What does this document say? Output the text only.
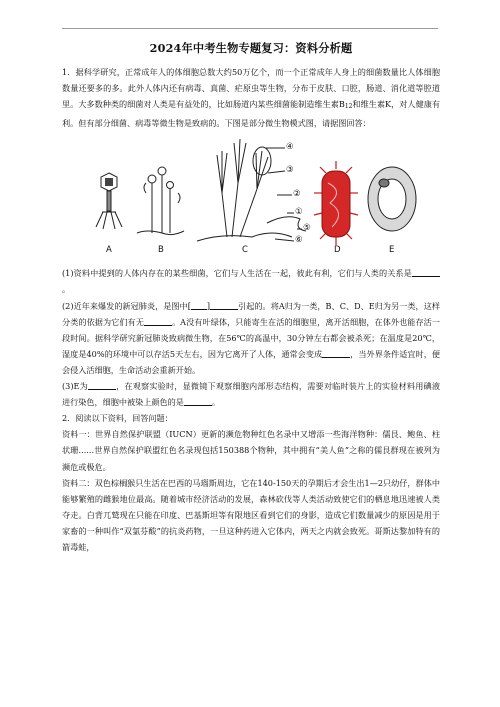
2024年中考生物专题复习：资料分析题

1．据科学研究，正常成年人的体细胞总数大约50万亿个，而一个正常成年人身上的细菌数量比人体细胞数量还要多的多。此外人体内还有病毒、真菌、疟原虫等生物，分布于皮肤、口腔，肠道、消化道等腔道里。大多数种类的细菌对人类是有益处的，比如肠道内某些细菌能制造维生素B12和维生素K，对人健康有利。但有部分细菌、病毒等微生物是致病的。下图是部分微生物模式图，请据图回答：

A	B	C	D	E
④
③
②
①
⑤
⑥

(1)资料中提到的人体内存在的某些细菌，它们与人生活在一起，彼此有利，它们与人类的关系是。

(2)近年来爆发的新冠肺炎，是图中[ ]	引起的。将A归为一类，B、C、D、E归为另一类，这样分类的依据为它们有无	。A没有叶绿体，只能寄生在活的细胞里，离开活细胞，在体外也能存活一段时间。据科学研究新冠肺炎致病微生物，在56℃的高温中，30分钟左右都会被杀死；在温度是20℃，湿度是40%的环境中可以存活5天左右，因为它离开了人体，通常会变成	，当外界条件适宜时，便会侵入活细胞，生命活动会重新开始。

(3)E为	，在观察实验时，显微镜下观察细胞内部形态结构，需要对临时装片上的实验材料用碘液进行染色，细胞中被染上颜色的是	。

2．阅读以下资料，回答问题：

资料一：世界自然保护联盟（IUCN）更新的濒危物种红色名录中又增添一些海洋物种：儒艮、鲍鱼、柱状珊......世界自然保护联盟红色名录现包括150388个物种，其中拥有“美人鱼”之称的儒艮群现在被列为濒危或极危。

资料二：双色棕榈猴只生活在巴西的马瑙斯周边，它在140-150天的孕期后才会生出1—2只幼仔，群体中能够繁殖的雌猴地位最高。随着城市经济活动的发展，森林砍伐等人类活动致使它们的栖息地迅速被人类夺走。白背兀鹫现在只能在印度、巴基斯坦等有限地区看到它们的身影，造成它们数量减少的原因是用于家畜的一种叫作“双氯芬酸”的抗炎药物，一旦这种药进入它体内，两天之内就会致死。哥斯达黎加特有的箭毒蛙，
